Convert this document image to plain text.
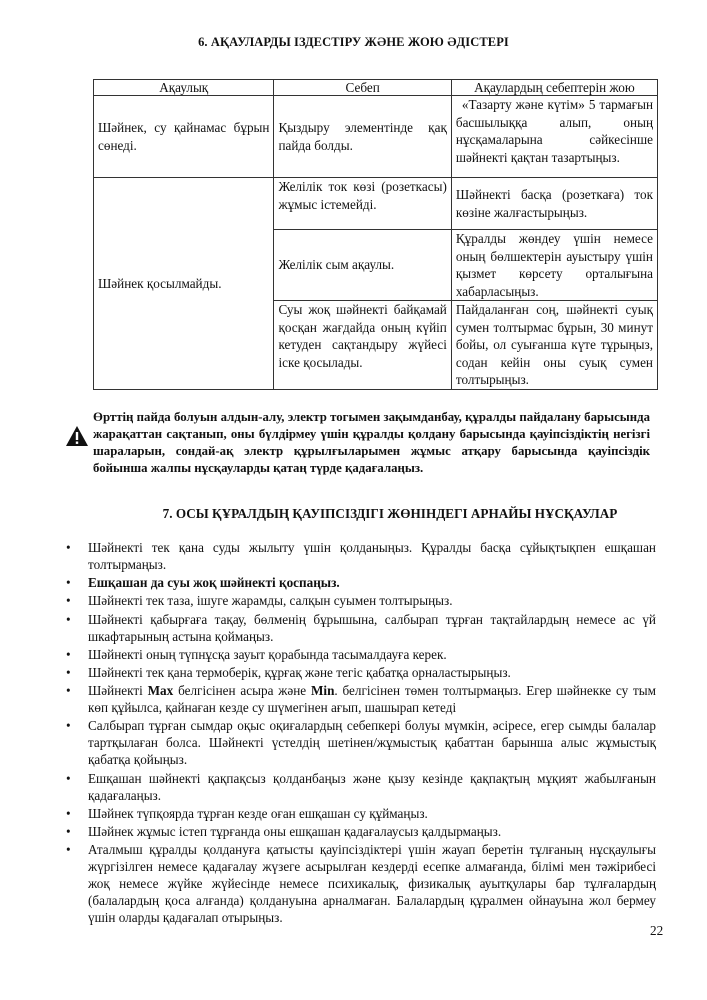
6. АҚАУЛАРДЫ ІЗДЕСТІРУ ЖӘНЕ ЖОЮ ӘДІСТЕРІ
Ақаулық	Себеп	Ақаулардың себептерін жою
Шәйнек, су қайнамас бұрын сөнеді.	Қыздыру элементінде қақ пайда болды.	«Тазарту және күтім» 5 тармағын басшылыққа алып, оның нұсқамаларына сәйкесінше шәйнекті қақтан тазартыңыз.
Шәйнек қосылмайды.	Желілік ток көзі (розеткасы) жұмыс істемейді.	Шәйнекті басқа (розеткаға) ток көзіне жалғастырыңыз.
	Желілік сым ақаулы.	Құралды жөндеу үшін немесе оның бөлшектерін ауыстыру үшін қызмет көрсету орталығына хабарласыңыз.
	Суы жоқ шәйнекті байқамай қосқан жағдайда оның күйіп кетуден сақтандыру жүйесі іске қосылады.	Пайдаланған соң, шәйнекті суық сумен толтырмас бұрын, 30 минут бойы, ол суығанша күте тұрыңыз, содан кейін оны суық сумен толтырыңыз.
Өрттің пайда болуын алдын-алу, электр тогымен зақымданбау, құралды пайдалану барысында жарақаттан сақтанып, оны бүлдірмеу үшін құралды қолдану барысында қауіпсіздіктің негізгі шараларын, сондай-ақ электр құрылғыларымен жұмыс атқару барысында қауіпсіздік бойынша жалпы нұсқауларды қатаң түрде қадағалаңыз.
7. ОСЫ ҚҰРАЛДЫҢ ҚАУІПСІЗДІГІ ЖӨНІНДЕГІ АРНАЙЫ НҰСҚАУЛАР
• Шәйнекті тек қана суды жылыту үшін қолданыңыз. Құралды басқа сұйықтықпен ешқашан толтырмаңыз.
• Ешқашан да суы жоқ шәйнекті қоспаңыз.
• Шәйнекті тек таза, ішуге жарамды, салқын суымен толтырыңыз.
• Шәйнекті қабырғаға тақау, бөлменің бұрышына, салбырап тұрған тақтайлардың немесе ас үй шкафтарының астына қоймаңыз.
• Шәйнекті оның түпнұсқа зауыт қорабында тасымалдауға керек.
• Шәйнекті тек қана термоберік, құрғақ және тегіс қабатқа орналастырыңыз.
• Шәйнекті Max белгісінен асыра және Min. белгісінен төмен толтырмаңыз. Егер шәйнекке су тым көп құйылса, қайнаған кезде су шүмегінен ағып, шашырап кетеді
• Салбырап тұрған сымдар оқыс оқиғалардың себепкері болуы мүмкін, әсіресе, егер сымды балалар тартқылаған болса. Шәйнекті үстелдің шетінен/жұмыстық қабаттан барынша алыс жұмыстық қабатқа қойыңыз.
• Ешқашан шәйнекті қақпақсыз қолданбаңыз және қызу кезінде қақпақтың мұқият жабылғанын қадағалаңыз.
• Шәйнек түпқоярда тұрған кезде оған ешқашан су құймаңыз.
• Шәйнек жұмыс істеп тұрғанда оны ешқашан қадағалаусыз қалдырмаңыз.
• Аталмыш құралды қолдануға қатысты қауіпсіздіктері үшін жауап беретін тұлғаның нұсқаулығы жүргізілген немесе қадағалау жүзеге асырылған кездерді есепке алмағанда, білімі мен тәжірибесі жоқ немесе жүйке жүйесінде немесе психикалық, физикалық ауытқулары бар тұлғалардың (балалардың қоса алғанда) қолдануына арналмаған. Балалардың құралмен ойнауына жол бермеу үшін оларды қадағалап отырыңыз.
22
